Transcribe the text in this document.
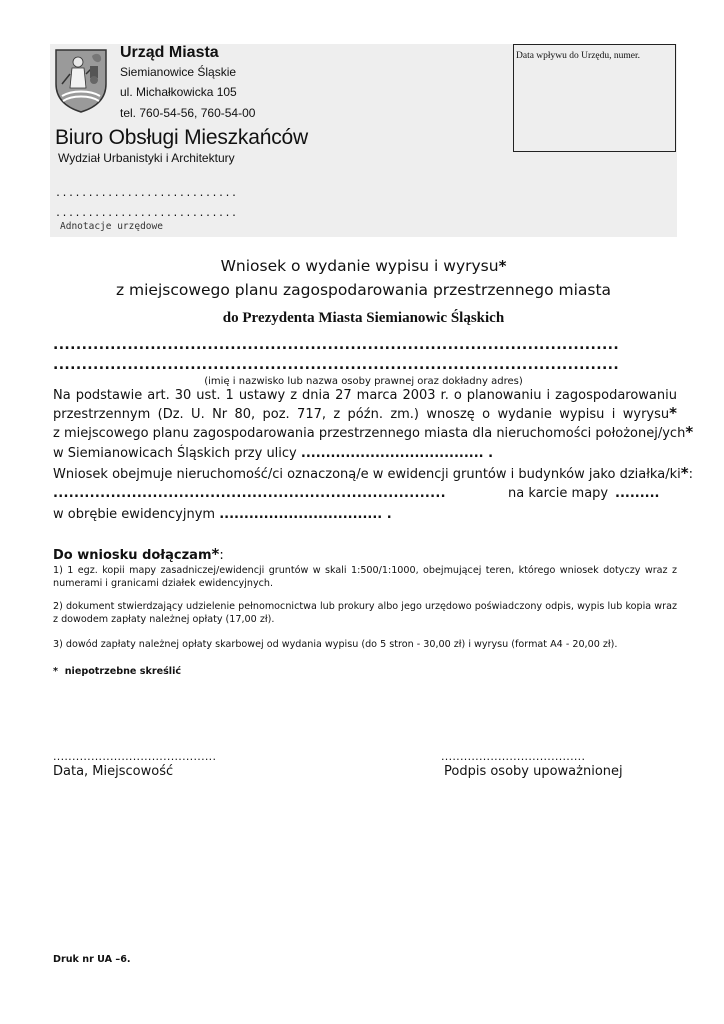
Urząd Miasta
Siemianowice Śląskie
ul. Michałkowicka 105
tel. 760-54-56, 760-54-00
Biuro Obsługi Mieszkańców
Wydział Urbanistyki i Architektury
............................
............................
Adnotacje urzędowe
Data wpływu do Urzędu, numer.
Wniosek o wydanie wypisu i wyrysu*
z miejscowego planu zagospodarowania przestrzennego miasta
do Prezydenta Miasta Siemianowic Śląskich
...................................................................................................
...................................................................................................
(imię i nazwisko lub nazwa osoby prawnej oraz dokładny adres)
Na podstawie art. 30 ust. 1 ustawy z dnia 27 marca 2003 r. o planowaniu i zagospodarowaniu
przestrzennym (Dz. U. Nr 80, poz. 717, z późn. zm.) wnoszę o wydanie wypisu i wyrysu*
z miejscowego planu zagospodarowania przestrzennego miasta dla nieruchomości położonej/ych*
w Siemianowicach Śląskich przy ulicy ..................................... .
Wniosek obejmuje nieruchomość/ci oznaczoną/e w ewidencji gruntów i budynków jako działka/ki*:
...........................................................................	na karcie mapy .........
w obrębie ewidencyjnym ................................. .
Do wniosku dołączam*:
1) 1 egz. kopii mapy zasadniczej/ewidencji gruntów w skali 1:500/1:1000, obejmującej teren, którego wniosek dotyczy wraz z numerami i granicami działek ewidencyjnych.
2) dokument stwierdzający udzielenie pełnomocnictwa lub prokury albo jego urzędowo poświadczony odpis, wypis lub kopia wraz z dowodem zapłaty należnej opłaty (17,00 zł).
3) dowód zapłaty należnej opłaty skarbowej od wydania wypisu (do 5 stron - 30,00 zł) i wyrysu (format A4 - 20,00 zł).
* niepotrzebne skreślić
...........................................
Data, Miejscowość
......................................
Podpis osoby upoważnionej
Druk nr UA –6.
